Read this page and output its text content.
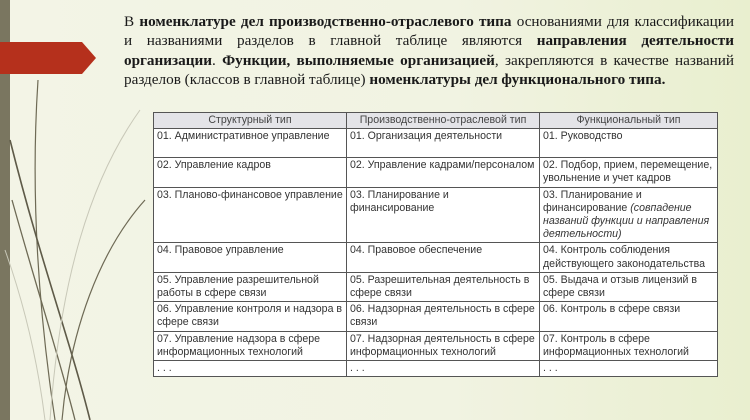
В номенклатуре дел производственно-отраслевого типа основаниями для классификации и названиями разделов в главной таблице являются направления деятельности организации. Функции, выполняемые организацией, закрепляются в качестве названий разделов (классов в главной таблице) номенклатуры дел функционального типа.
Структурный тип	Производственно-отраслевой тип	Функциональный тип
01. Административное управление	01. Организация деятельности	01. Руководство
02. Управление кадров	02. Управление кадрами/персоналом	02. Подбор, прием, перемещение, увольнение и учет кадров
03. Планово-финансовое управление	03. Планирование и финансирование	03. Планирование и финансирование (совпадение названий функции и направления деятельности)
04. Правовое управление	04. Правовое обеспечение	04. Контроль соблюдения действующего законодательства
05. Управление разрешительной работы в сфере связи	05. Разрешительная деятельность в сфере связи	05. Выдача и отзыв лицензий в сфере связи
06. Управление контроля и надзора в сфере связи	06. Надзорная деятельность в сфере связи	06. Контроль в сфере связи
07. Управление надзора в сфере информационных технологий	07. Надзорная деятельность в сфере информационных технологий	07. Контроль в сфере информационных технологий
. . .	. . .	. . .
